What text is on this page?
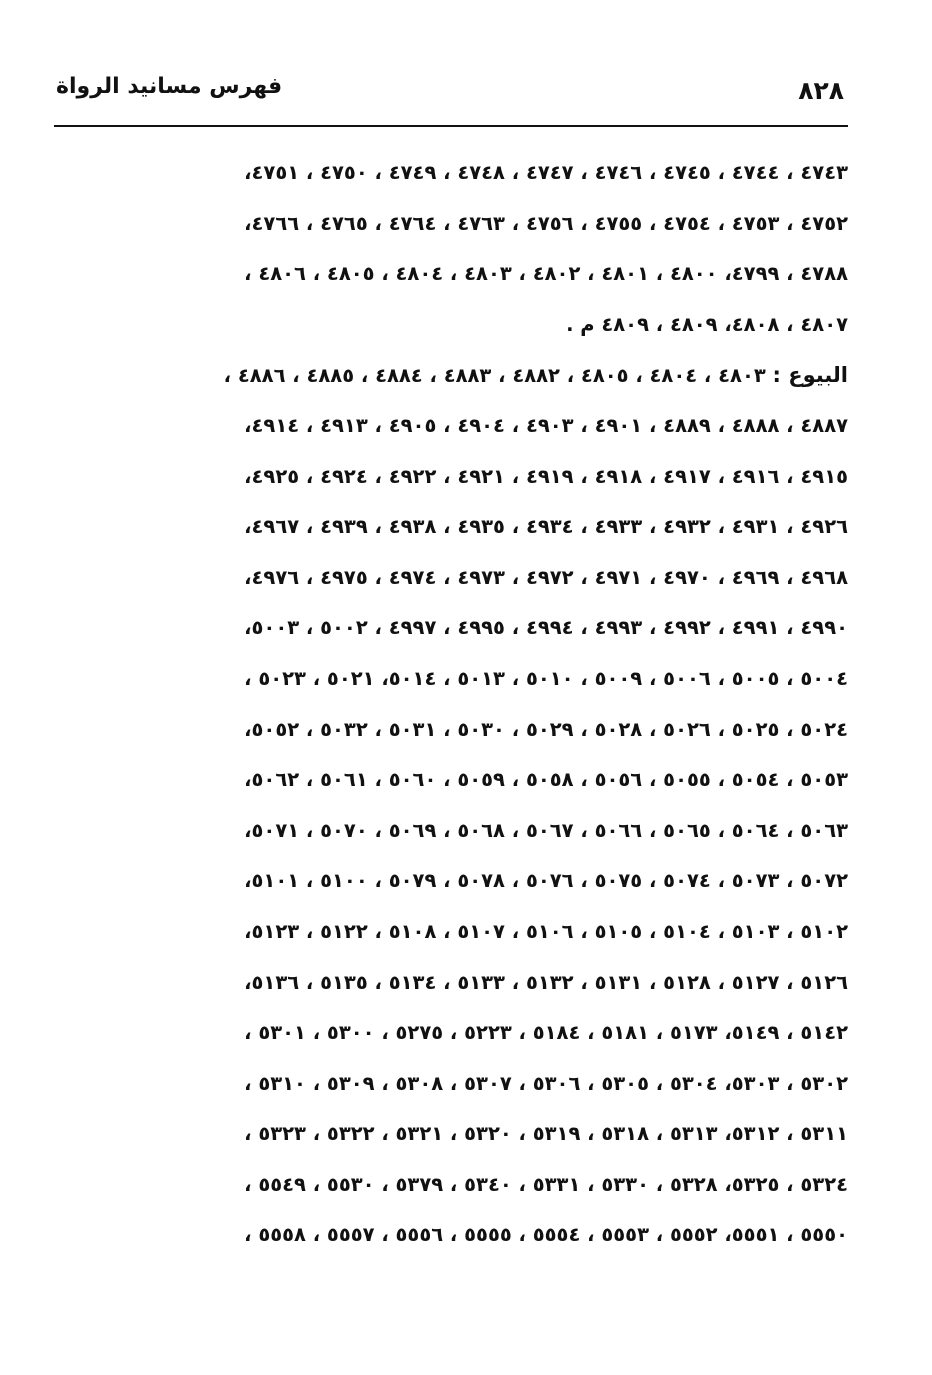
٨٢٨
فهرس مسانيد الرواة
٤٧٤٣ ، ٤٧٤٤ ، ٤٧٤٥ ، ٤٧٤٦ ، ٤٧٤٧ ، ٤٧٤٨ ، ٤٧٤٩ ، ٤٧٥٠ ، ٤٧٥١،
٤٧٥٢ ، ٤٧٥٣ ، ٤٧٥٤ ، ٤٧٥٥ ، ٤٧٥٦ ، ٤٧٦٣ ، ٤٧٦٤ ، ٤٧٦٥ ، ٤٧٦٦،
٤٧٨٨ ، ٤٧٩٩، ٤٨٠٠ ، ٤٨٠١ ، ٤٨٠٢ ، ٤٨٠٣ ، ٤٨٠٤ ، ٤٨٠٥ ، ٤٨٠٦ ،
٤٨٠٧ ، ٤٨٠٨، ٤٨٠٩ ، ٤٨٠٩ م .
البيوع : ٤٨٠٣ ، ٤٨٠٤ ، ٤٨٠٥ ، ٤٨٨٢ ، ٤٨٨٣ ، ٤٨٨٤ ، ٤٨٨٥ ، ٤٨٨٦ ،
٤٨٨٧ ، ٤٨٨٨ ، ٤٨٨٩ ، ٤٩٠١ ، ٤٩٠٣ ، ٤٩٠٤ ، ٤٩٠٥ ، ٤٩١٣ ، ٤٩١٤،
٤٩١٥ ، ٤٩١٦ ، ٤٩١٧ ، ٤٩١٨ ، ٤٩١٩ ، ٤٩٢١ ، ٤٩٢٢ ، ٤٩٢٤ ، ٤٩٢٥،
٤٩٢٦ ، ٤٩٣١ ، ٤٩٣٢ ، ٤٩٣٣ ، ٤٩٣٤ ، ٤٩٣٥ ، ٤٩٣٨ ، ٤٩٣٩ ، ٤٩٦٧،
٤٩٦٨ ، ٤٩٦٩ ، ٤٩٧٠ ، ٤٩٧١ ، ٤٩٧٢ ، ٤٩٧٣ ، ٤٩٧٤ ، ٤٩٧٥ ، ٤٩٧٦،
٤٩٩٠ ، ٤٩٩١ ، ٤٩٩٢ ، ٤٩٩٣ ، ٤٩٩٤ ، ٤٩٩٥ ، ٤٩٩٧ ، ٥٠٠٢ ، ٥٠٠٣،
٥٠٠٤ ، ٥٠٠٥ ، ٥٠٠٦ ، ٥٠٠٩ ، ٥٠١٠ ، ٥٠١٣ ، ٥٠١٤، ٥٠٢١ ، ٥٠٢٣ ،
٥٠٢٤ ، ٥٠٢٥ ، ٥٠٢٦ ، ٥٠٢٨ ، ٥٠٢٩ ، ٥٠٣٠ ، ٥٠٣١ ، ٥٠٣٢ ، ٥٠٥٢،
٥٠٥٣ ، ٥٠٥٤ ، ٥٠٥٥ ، ٥٠٥٦ ، ٥٠٥٨ ، ٥٠٥٩ ، ٥٠٦٠ ، ٥٠٦١ ، ٥٠٦٢،
٥٠٦٣ ، ٥٠٦٤ ، ٥٠٦٥ ، ٥٠٦٦ ، ٥٠٦٧ ، ٥٠٦٨ ، ٥٠٦٩ ، ٥٠٧٠ ، ٥٠٧١،
٥٠٧٢ ، ٥٠٧٣ ، ٥٠٧٤ ، ٥٠٧٥ ، ٥٠٧٦ ، ٥٠٧٨ ، ٥٠٧٩ ، ٥١٠٠ ، ٥١٠١،
٥١٠٢ ، ٥١٠٣ ، ٥١٠٤ ، ٥١٠٥ ، ٥١٠٦ ، ٥١٠٧ ، ٥١٠٨ ، ٥١٢٢ ، ٥١٢٣،
٥١٢٦ ، ٥١٢٧ ، ٥١٢٨ ، ٥١٣١ ، ٥١٣٢ ، ٥١٣٣ ، ٥١٣٤ ، ٥١٣٥ ، ٥١٣٦،
٥١٤٢ ، ٥١٤٩، ٥١٧٣ ، ٥١٨١ ، ٥١٨٤ ، ٥٢٢٣ ، ٥٢٧٥ ، ٥٣٠٠ ، ٥٣٠١ ،
٥٣٠٢ ، ٥٣٠٣، ٥٣٠٤ ، ٥٣٠٥ ، ٥٣٠٦ ، ٥٣٠٧ ، ٥٣٠٨ ، ٥٣٠٩ ، ٥٣١٠ ،
٥٣١١ ، ٥٣١٢، ٥٣١٣ ، ٥٣١٨ ، ٥٣١٩ ، ٥٣٢٠ ، ٥٣٢١ ، ٥٣٢٢ ، ٥٣٢٣ ،
٥٣٢٤ ، ٥٣٢٥، ٥٣٢٨ ، ٥٣٣٠ ، ٥٣٣١ ، ٥٣٤٠ ، ٥٣٧٩ ، ٥٥٣٠ ، ٥٥٤٩ ،
٥٥٥٠ ، ٥٥٥١، ٥٥٥٢ ، ٥٥٥٣ ، ٥٥٥٤ ، ٥٥٥٥ ، ٥٥٥٦ ، ٥٥٥٧ ، ٥٥٥٨ ،
